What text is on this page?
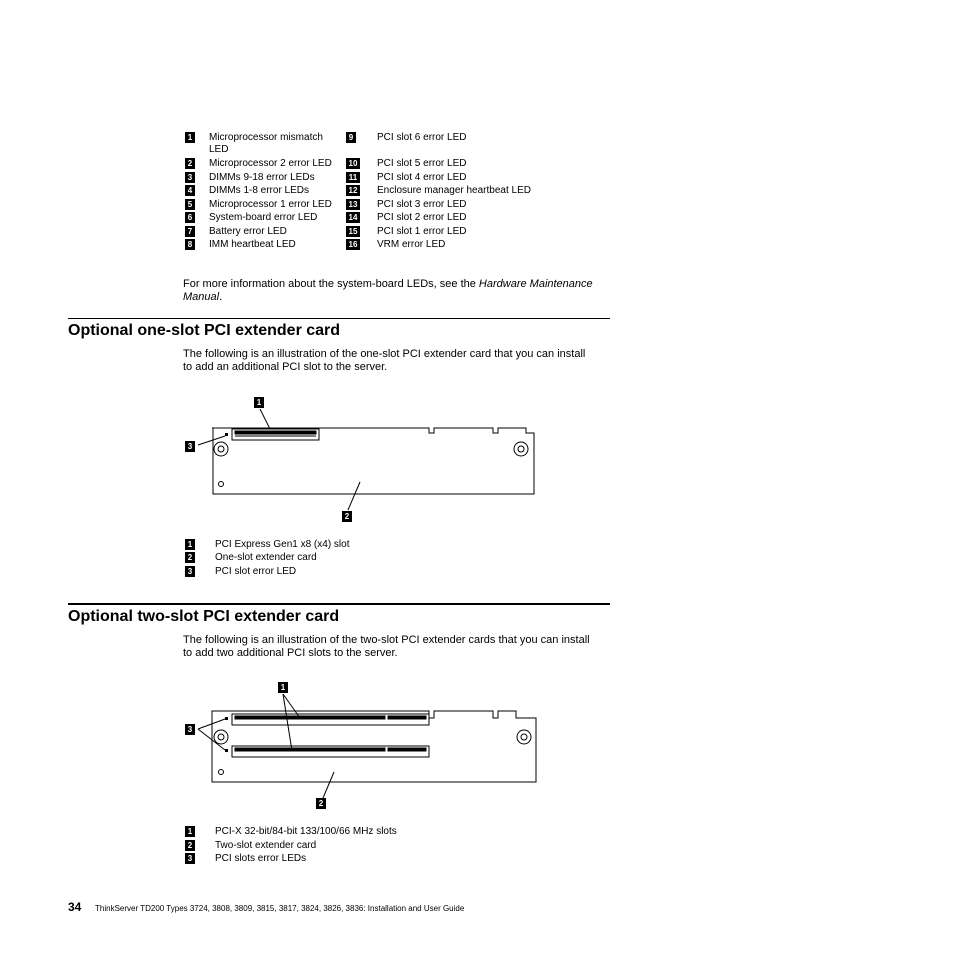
1 Microprocessor mismatch
LED
2 Microprocessor 2 error LED
3 DIMMs 9-18 error LEDs
4 DIMMs 1-8 error LEDs
5 Microprocessor 1 error LED
6 System-board error LED
7 Battery error LED
8 IMM heartbeat LED
9 PCI slot 6 error LED
10 PCI slot 5 error LED
11 PCI slot 4 error LED
12 Enclosure manager heartbeat LED
13 PCI slot 3 error LED
14 PCI slot 2 error LED
15 PCI slot 1 error LED
16 VRM error LED
For more information about the system-board LEDs, see the Hardware Maintenance
Manual.
Optional one-slot PCI extender card
The following is an illustration of the one-slot PCI extender card that you can install
to add an additional PCI slot to the server.
1
2
3
1 PCI Express Gen1 x8 (x4) slot
2 One-slot extender card
3 PCI slot error LED
Optional two-slot PCI extender card
The following is an illustration of the two-slot PCI extender cards that you can install
to add two additional PCI slots to the server.
1
2
3
1 PCI-X 32-bit/84-bit 133/100/66 MHz slots
2 Two-slot extender card
3 PCI slots error LEDs
34 ThinkServer TD200 Types 3724, 3808, 3809, 3815, 3817, 3824, 3826, 3836: Installation and User Guide
